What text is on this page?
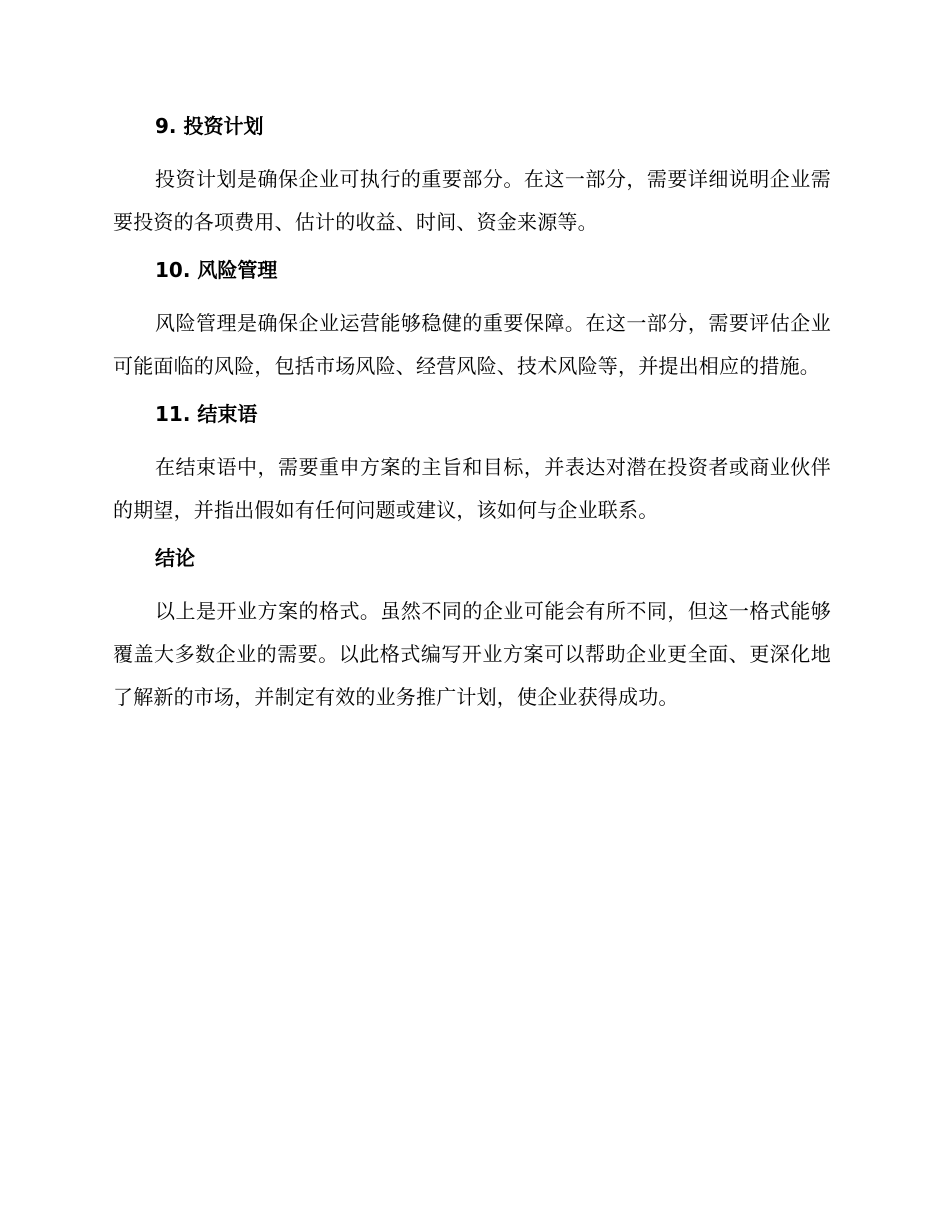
9. 投资计划

投资计划是确保企业可执行的重要部分。在这一部分，需要详细说明企业需要投资的各项费用、估计的收益、时间、资金来源等。

10. 风险管理

风险管理是确保企业运营能够稳健的重要保障。在这一部分，需要评估企业可能面临的风险，包括市场风险、经营风险、技术风险等，并提出相应的措施。

11. 结束语

在结束语中，需要重申方案的主旨和目标，并表达对潜在投资者或商业伙伴的期望，并指出假如有任何问题或建议，该如何与企业联系。

结论

以上是开业方案的格式。虽然不同的企业可能会有所不同，但这一格式能够覆盖大多数企业的需要。以此格式编写开业方案可以帮助企业更全面、更深化地了解新的市场，并制定有效的业务推广计划，使企业获得成功。
